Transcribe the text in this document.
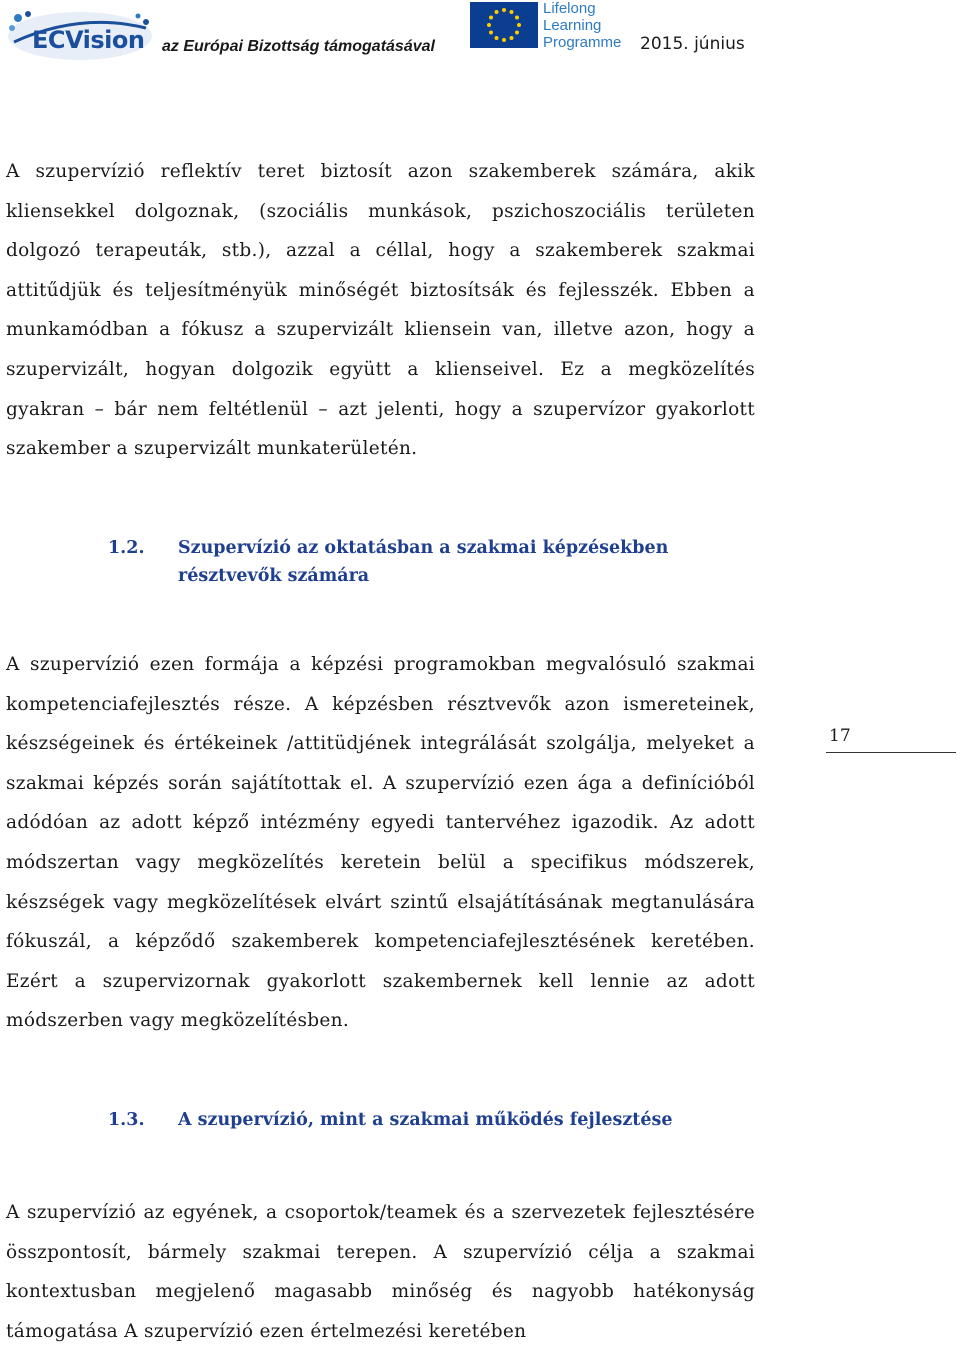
ECVision az Európai Bizottság támogatásával
Lifelong
Learning
Programme 2015. június

A szupervízió reflektív teret biztosít azon szakemberek számára, akik kliensekkel dolgoznak, (szociális munkások, pszichoszociális területen dolgozó terapeuták, stb.), azzal a céllal, hogy a szakemberek szakmai attitűdjük és teljesítményük minőségét biztosítsák és fejlesszék. Ebben a munkamódban a fókusz a szupervizált kliensein van, illetve azon, hogy a szupervizált, hogyan dolgozik együtt a klienseivel. Ez a megközelítés gyakran – bár nem feltétlenül – azt jelenti, hogy a szupervízor gyakorlott szakember a szupervizált munkaterületén.

1.2. Szupervízió az oktatásban a szakmai képzésekben résztvevők számára

A szupervízió ezen formája a képzési programokban megvalósuló szakmai kompetenciafejlesztés része. A képzésben résztvevők azon ismereteinek, készségeinek és értékeinek /attitüdjének integrálását szolgálja, melyeket a szakmai képzés során sajátítottak el. A szupervízió ezen ága a definícióból adódóan az adott képző intézmény egyedi tantervéhez igazodik. Az adott módszertan vagy megközelítés keretein belül a specifikus módszerek, készségek vagy megközelítések elvárt szintű elsajátításának megtanulására fókuszál, a képződő szakemberek kompetenciafejlesztésének keretében. Ezért a szupervizornak gyakorlott szakembernek kell lennie az adott módszerben vagy megközelítésben.

17
1.3. A szupervízió, mint a szakmai működés fejlesztése

A szupervízió az egyének, a csoportok/teamek és a szervezetek fejlesztésére összpontosít, bármely szakmai terepen. A szupervízió célja a szakmai kontextusban megjelenő magasabb minőség és nagyobb hatékonyság támogatása A szupervízió ezen értelmezési keretében
